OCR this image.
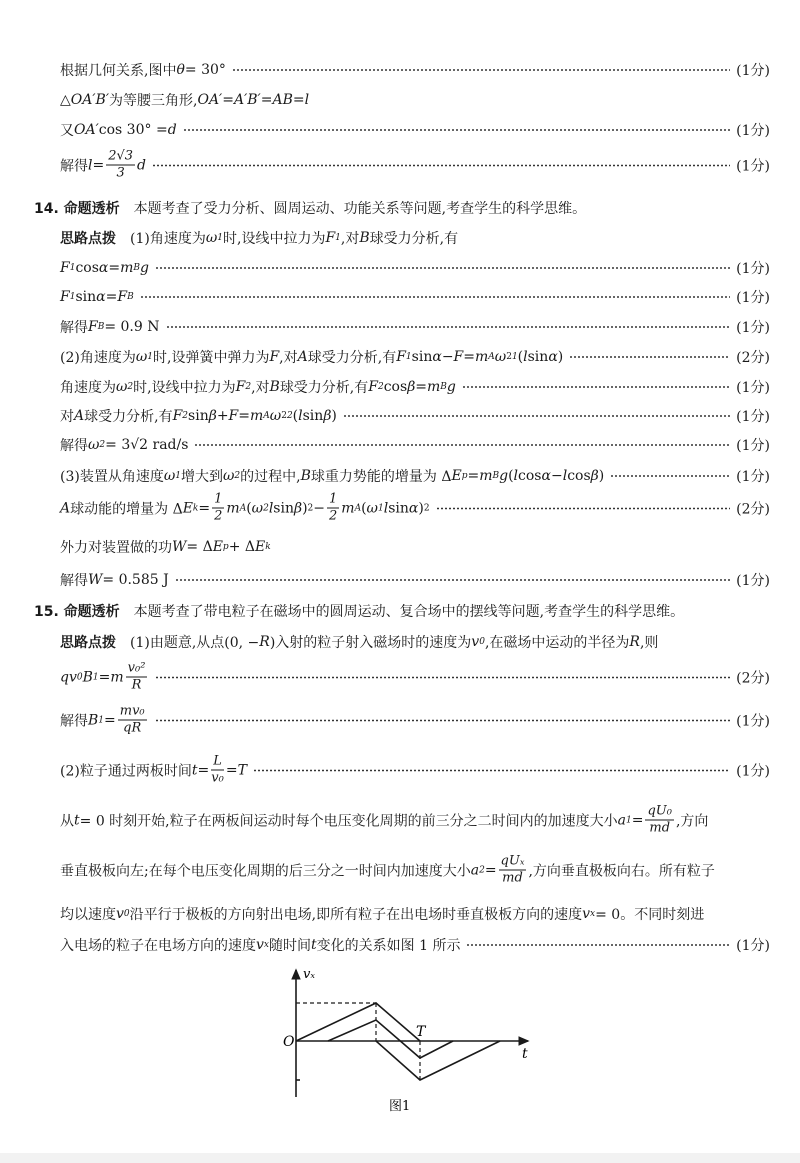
根据几何关系,图中 θ = 30°	(1分)
△ OA′B′ 为等腰三角形, OA′ = A′B′ = AB = l
又 OA′ cos 30° = d	(1分)
解得 $l = \frac{2√3}{3}$ d	(1分)
14. 命题透析 　本题考查了受力分析、圆周运动、功能关系等问题,考查学生的科学思维。
思路点拨 　(1)角速度为 ω 1 时,设线中拉力为 F 1 ,对 B 球受力分析,有
F 1 cos α = m B g	(1分)
F 1 sin α = F B	(1分)
解得 F B = 0.9 N	(1分)
(2)角速度为 ω 1 时,设弹簧中弹力为 F ,对 A 球受力分析,有 F 1 sin α − F = m A ω 2 1 ( l sin α )	(2分)
角速度为 ω 2 时,设线中拉力为 F 2 ,对 B 球受力分析,有 F 2 cos β = m B g	(1分)
对 A 球受力分析,有 F 2 sin β + F = m A ω 2 2 ( l sin β )	(1分)
解得 ω 2 = 3√2 rad/s	(1分)
(3)装置从角速度 ω 1 增大到 ω 2 的过程中, B 球重力势能的增量为 Δ E p = m B g ( l cos α − l cos β )	(1分)
A 球动能的增量为 Δ E $k = \frac{1}{2}$ m A ( ω 2 l sin β ) $2 - \frac{1}{2}$ m A ( ω 1 l sin α ) 2	(2分)
外力对装置做的功 W = Δ E p + Δ E k
解得 W = 0.585 J	(1分)
15. 命题透析 　本题考查了带电粒子在磁场中的圆周运动、复合场中的摆线等问题,考查学生的科学思维。
思路点拨 　(1)由题意,从点(0, − R )入射的粒子射入磁场时的速度为 v 0 ,在磁场中运动的半径为 R ,则
qv 0 B 1 = m $\frac{\text{v₀²}}{R}$	(2分)
解得 B $1 = \frac{\text{mv₀}}{qR}$	(1分)
(2)粒子通过两板时间 $t = \frac{L}{\text{v₀}} = T$	(1分)
从 t = 0 时刻开始,粒子在两板间运动时每个电压变化周期的前三分之二时间内的加速度大小 a $1 = \frac{\text{qU₀}}{md}$ ,方向
垂直极板向左;在每个电压变化周期的后三分之一时间内加速度大小 a 2 =
qUₓ
md ,方向垂直极板向右。所有粒子
均以速度 v 0 沿平行于极板的方向射出电场,即所有粒子在出电场时垂直极板方向的速度 v x = 0。不同时刻进
入电场的粒子在电场方向的速度 v x 随时间 t 变化的关系如图 1 所示	(1分)
vₓ
t
O
T
图1
